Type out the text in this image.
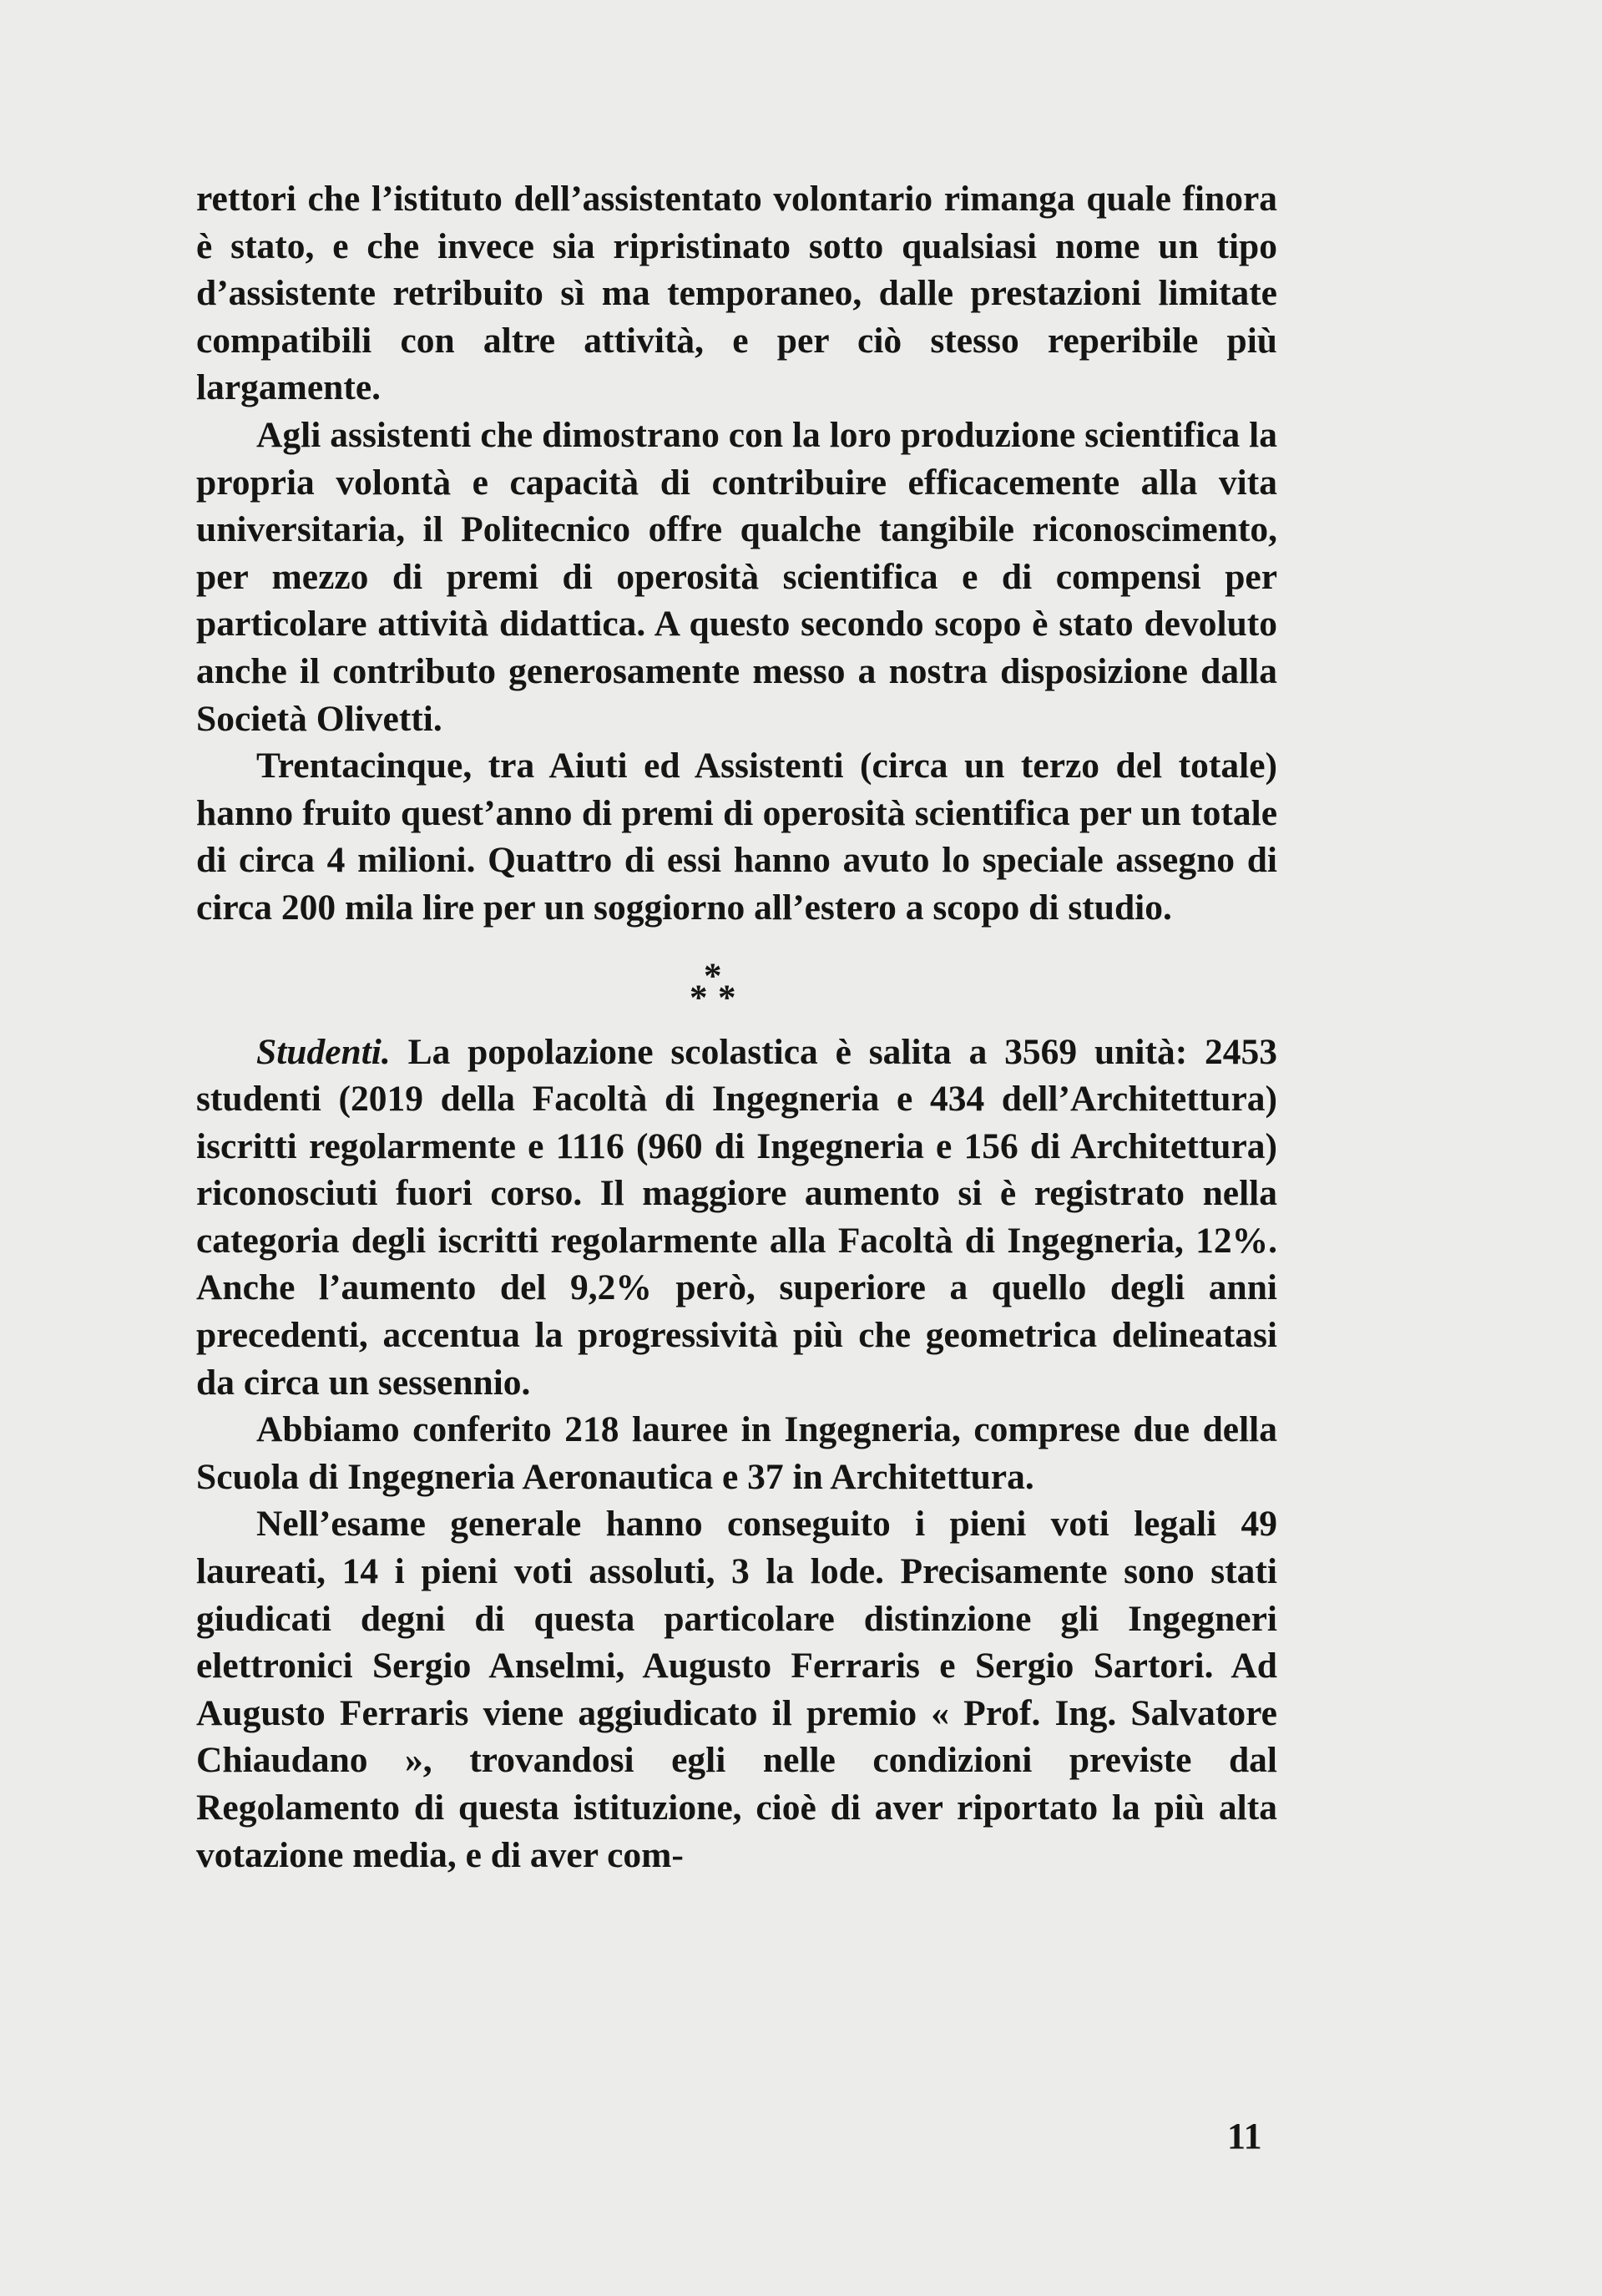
rettori che l’istituto dell’assistentato volontario rimanga quale finora è stato, e che invece sia ripristinato sotto qualsiasi nome un tipo d’assistente retribuito sì ma temporaneo, dalle prestazioni limitate compatibili con altre attività, e per ciò stesso reperibile più largamente.

Agli assistenti che dimostrano con la loro produzione scientifica la propria volontà e capacità di contribuire efficacemente alla vita universitaria, il Politecnico offre qualche tangibile riconoscimento, per mezzo di premi di operosità scientifica e di compensi per particolare attività didattica. A questo secondo scopo è stato devoluto anche il contributo generosamente messo a nostra disposizione dalla Società Olivetti.

Trentacinque, tra Aiuti ed Assistenti (circa un terzo del totale) hanno fruito quest’anno di premi di operosità scientifica per un totale di circa 4 milioni. Quattro di essi hanno avuto lo speciale assegno di circa 200 mila lire per un soggiorno all’estero a scopo di studio.

*
* *

Studenti. La popolazione scolastica è salita a 3569 unità: 2453 studenti (2019 della Facoltà di Ingegneria e 434 dell’Architettura) iscritti regolarmente e 1116 (960 di Ingegneria e 156 di Architettura) riconosciuti fuori corso. Il maggiore aumento si è registrato nella categoria degli iscritti regolarmente alla Facoltà di Ingegneria, 12%. Anche l’aumento del 9,2% però, superiore a quello degli anni precedenti, accentua la progressività più che geometrica delineatasi da circa un sessennio.

Abbiamo conferito 218 lauree in Ingegneria, comprese due della Scuola di Ingegneria Aeronautica e 37 in Architettura.

Nell’esame generale hanno conseguito i pieni voti legali 49 laureati, 14 i pieni voti assoluti, 3 la lode. Precisamente sono stati giudicati degni di questa particolare distinzione gli Ingegneri elettronici Sergio Anselmi, Augusto Ferraris e Sergio Sartori. Ad Augusto Ferraris viene aggiudicato il premio « Prof. Ing. Salvatore Chiaudano », trovandosi egli nelle condizioni previste dal Regolamento di questa istituzione, cioè di aver riportato la più alta votazione media, e di aver com-

11
